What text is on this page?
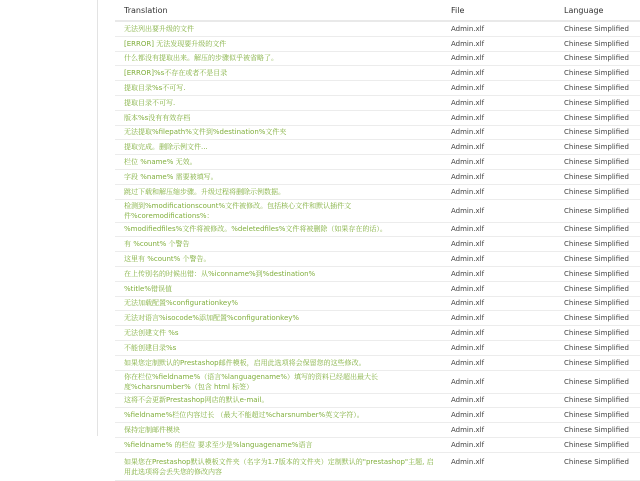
Translation	File	Language
无法列出要升级的文件	Admin.xlf	Chinese Simplified
[ERROR] 无法发现要升级的文件	Admin.xlf	Chinese Simplified
什么都没有提取出来。解压的步骤似乎被省略了。	Admin.xlf	Chinese Simplified
[ERROR]%s不存在或者不是目录	Admin.xlf	Chinese Simplified
提取目录%s不可写.	Admin.xlf	Chinese Simplified
提取目录不可写.	Admin.xlf	Chinese Simplified
版本%s没有有效存档	Admin.xlf	Chinese Simplified
无法提取%filepath%文件到%destination%文件夹	Admin.xlf	Chinese Simplified
提取完成。删除示例文件...	Admin.xlf	Chinese Simplified
栏位 %name% 无效。	Admin.xlf	Chinese Simplified
字段 %name% 需要被填写。	Admin.xlf	Chinese Simplified
跳过下载和解压缩步骤。升级过程将删除示例数据。	Admin.xlf	Chinese Simplified
检测到%modificationscount%文件被修改。包括核心文件和默认插件文件%coremodifications%：	Admin.xlf	Chinese Simplified
%modifiedfiles%文件将被修改。%deletedfiles%文件将被删除（如果存在的话）。	Admin.xlf	Chinese Simplified
有 %count% 个警告	Admin.xlf	Chinese Simplified
这里有 %count% 个警告。	Admin.xlf	Chinese Simplified
在上传别名的时候出错：从%iconname%到%destination%	Admin.xlf	Chinese Simplified
%title%错误值	Admin.xlf	Chinese Simplified
无法加载配置%configurationkey%	Admin.xlf	Chinese Simplified
无法对语言%isocode%添加配置%configurationkey%	Admin.xlf	Chinese Simplified
无法创建文件 %s	Admin.xlf	Chinese Simplified
不能创建目录%s	Admin.xlf	Chinese Simplified
如果您定制默认的Prestashop邮件模板，启用此选项将会保留您的这些修改。	Admin.xlf	Chinese Simplified
你在栏位%fieldname%（语言%languagename%）填写的资料已经超出最大长度%charsnumber%（包含 html 标签）	Admin.xlf	Chinese Simplified
这将不会更新Prestashop网店的默认e-mail。	Admin.xlf	Chinese Simplified
%fieldname%栏位内容过长 （最大不能超过%charsnumber%英文字符）。	Admin.xlf	Chinese Simplified
保持定制邮件模块	Admin.xlf	Chinese Simplified
%fieldname% 的栏位 要求至少是%languagename%语言	Admin.xlf	Chinese Simplified
如果您在Prestashop默认模板文件夹（名字为1.7版本的文件夹）定制默认的"prestashop"主题, 启用此选项将会丢失您的修改内容	Admin.xlf	Chinese Simplified
